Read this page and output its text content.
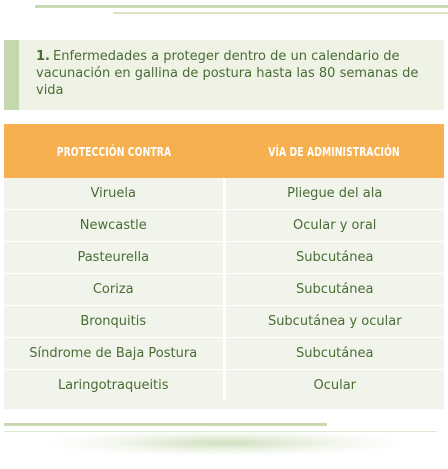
1. Enfermedades a proteger dentro de un calendario de vacunación en gallina de postura hasta las 80 semanas de vida

PROTECCIÓN CONTRA	VÍA DE ADMINISTRACIÓN
Viruela	Pliegue del ala
Newcastle	Ocular y oral
Pasteurella	Subcutánea
Coriza	Subcutánea
Bronquitis	Subcutánea y ocular
Síndrome de Baja Postura	Subcutánea
Laringotraqueitis	Ocular
